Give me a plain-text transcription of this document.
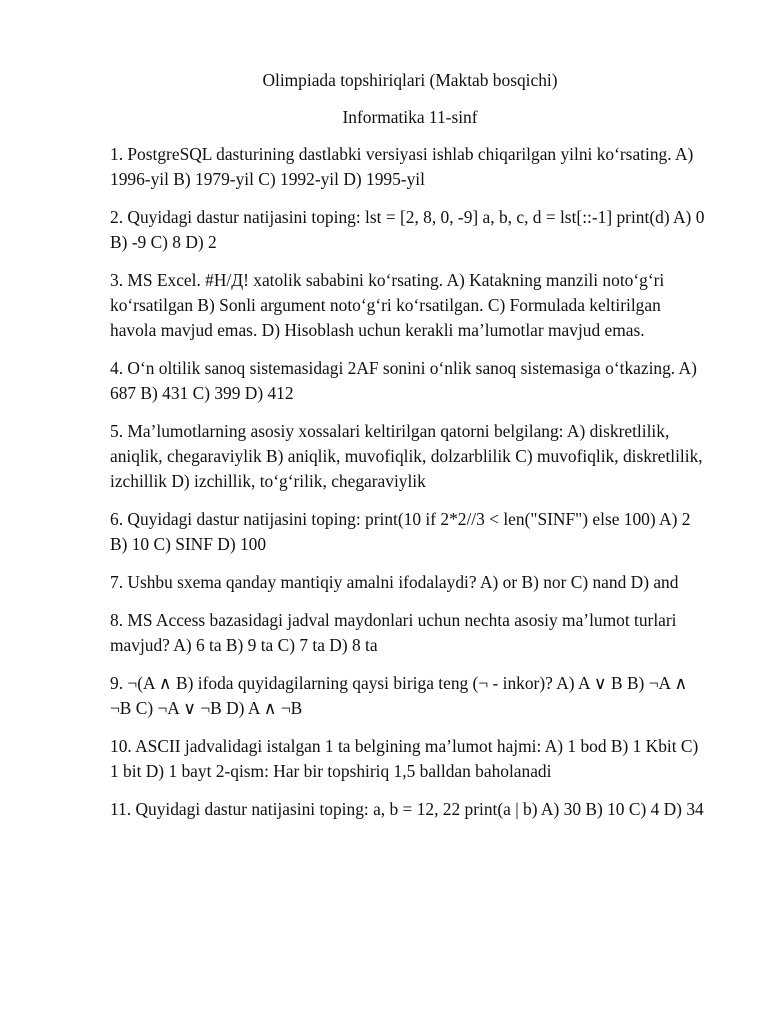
Olimpiada topshiriqlari (Maktab bosqichi)

Informatika 11-sinf

1. PostgreSQL dasturining dastlabki versiyasi ishlab chiqarilgan yilni ko‘rsating. A) 1996-yil B) 1979-yil C) 1992-yil D) 1995-yil
2. Quyidagi dastur natijasini toping: lst = [2, 8, 0, -9] a, b, c, d = lst[::-1] print(d) A) 0 B) -9 C) 8 D) 2
3. MS Excel. #Н/Д! xatolik sababini ko‘rsating. A) Katakning manzili noto‘g‘ri ko‘rsatilgan B) Sonli argument noto‘g‘ri ko‘rsatilgan. C) Formulada keltirilgan havola mavjud emas. D) Hisoblash uchun kerakli ma’lumotlar mavjud emas.
4. O‘n oltilik sanoq sistemasidagi 2AF sonini o‘nlik sanoq sistemasiga o‘tkazing. A) 687 B) 431 C) 399 D) 412
5. Ma’lumotlarning asosiy xossalari keltirilgan qatorni belgilang: A) diskretlilik, aniqlik, chegaraviylik B) aniqlik, muvofiqlik, dolzarblilik C) muvofiqlik, diskretlilik, izchillik D) izchillik, to‘g‘rilik, chegaraviylik
6. Quyidagi dastur natijasini toping: print(10 if 2*2//3 < len("SINF") else 100) A) 2 B) 10 C) SINF D) 100
7. Ushbu sxema qanday mantiqiy amalni ifodalaydi? A) or B) nor C) nand D) and
8. MS Access bazasidagi jadval maydonlari uchun nechta asosiy ma’lumot turlari mavjud? A) 6 ta B) 9 ta C) 7 ta D) 8 ta
9. ¬(A ∧ B) ifoda quyidagilarning qaysi biriga teng (¬ - inkor)? A) A ∨ B B) ¬A ∧ ¬B C) ¬A ∨ ¬B D) A ∧ ¬B
10. ASCII jadvalidagi istalgan 1 ta belgining ma’lumot hajmi: A) 1 bod B) 1 Kbit C) 1 bit D) 1 bayt 2-qism: Har bir topshiriq 1,5 balldan baholanadi
11. Quyidagi dastur natijasini toping: a, b = 12, 22 print(a | b) A) 30 B) 10 C) 4 D) 34
